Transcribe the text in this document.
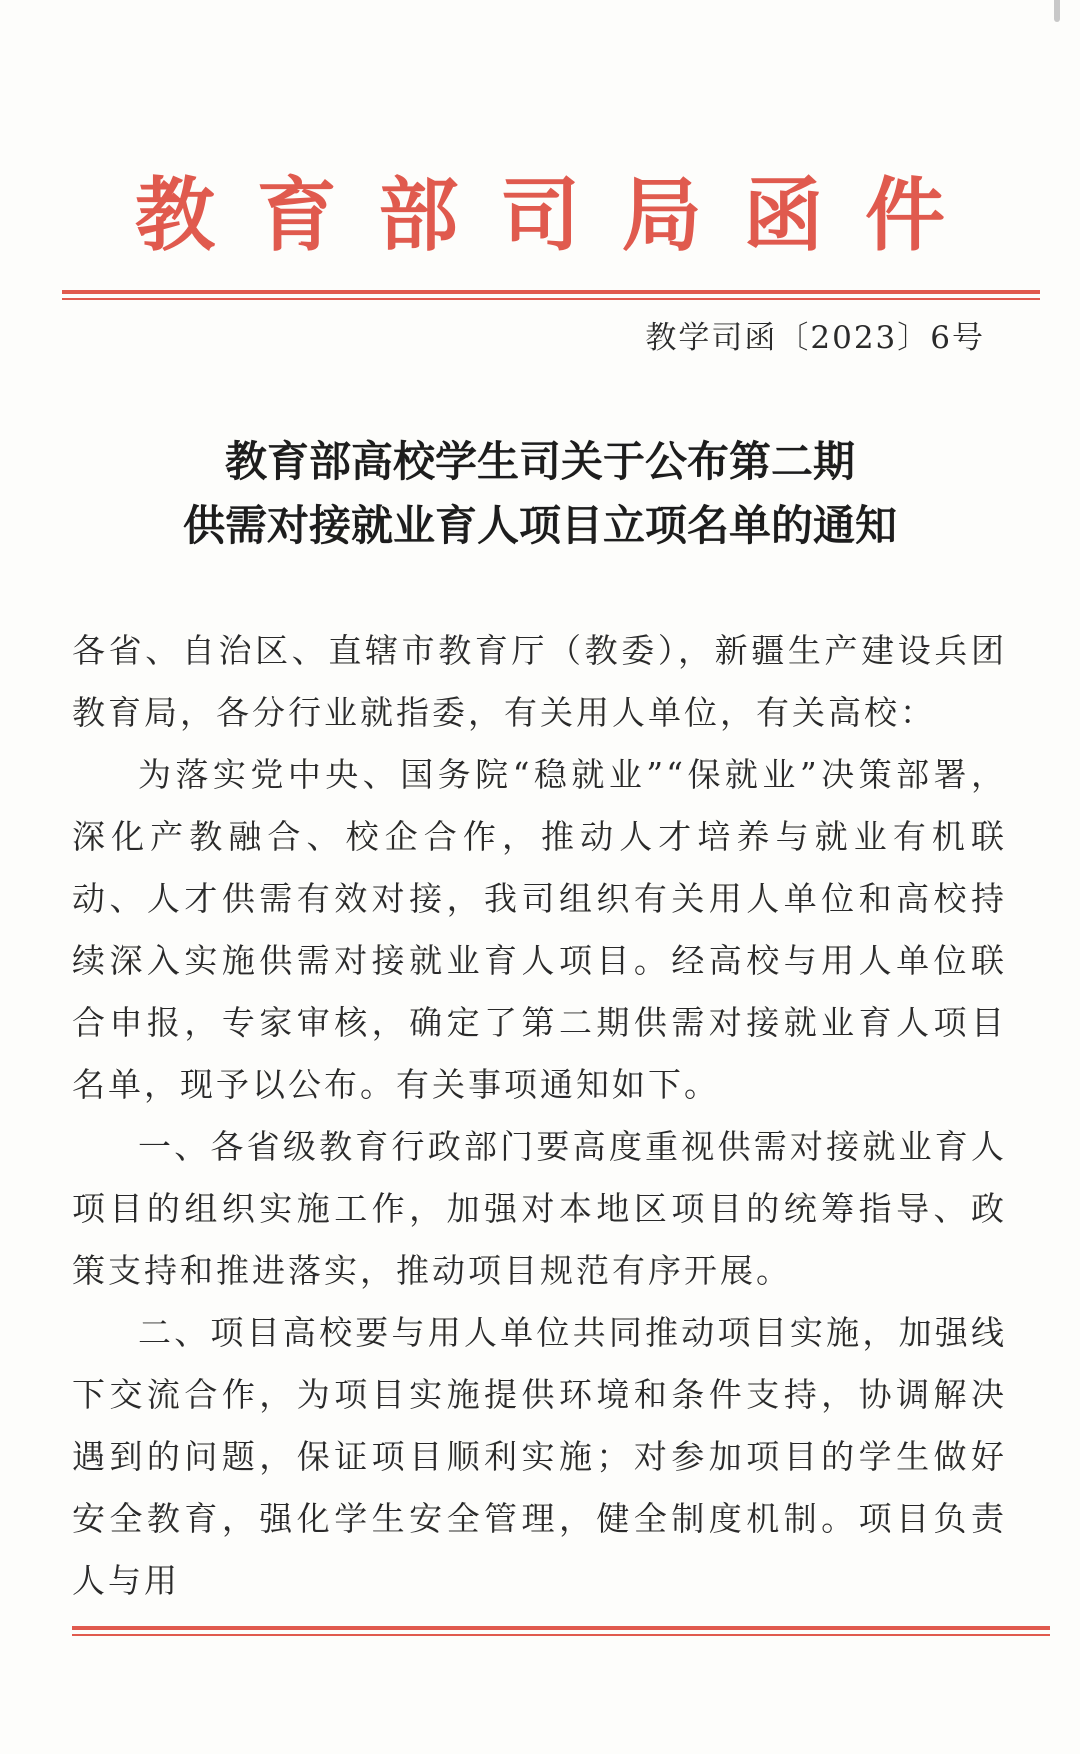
教 育 部 司 局 函 件
教学司函〔2023〕6号
教育部高校学生司关于公布第二期
供需对接就业育人项目立项名单的通知

各省、自治区、直辖市教育厅（教委），新疆生产建设兵团教育局，各分行业就指委，有关用人单位，有关高校：

为落实党中央、国务院“稳就业”“保就业”决策部署，深化产教融合、校企合作，推动人才培养与就业有机联动、人才供需有效对接，我司组织有关用人单位和高校持续深入实施供需对接就业育人项目。经高校与用人单位联合申报，专家审核，确定了第二期供需对接就业育人项目名单，现予以公布。有关事项通知如下。

一、各省级教育行政部门要高度重视供需对接就业育人项目的组织实施工作，加强对本地区项目的统筹指导、政策支持和推进落实，推动项目规范有序开展。

二、项目高校要与用人单位共同推动项目实施，加强线下交流合作，为项目实施提供环境和条件支持，协调解决遇到的问题，保证项目顺利实施；对参加项目的学生做好安全教育，强化学生安全管理，健全制度机制。项目负责人与用
